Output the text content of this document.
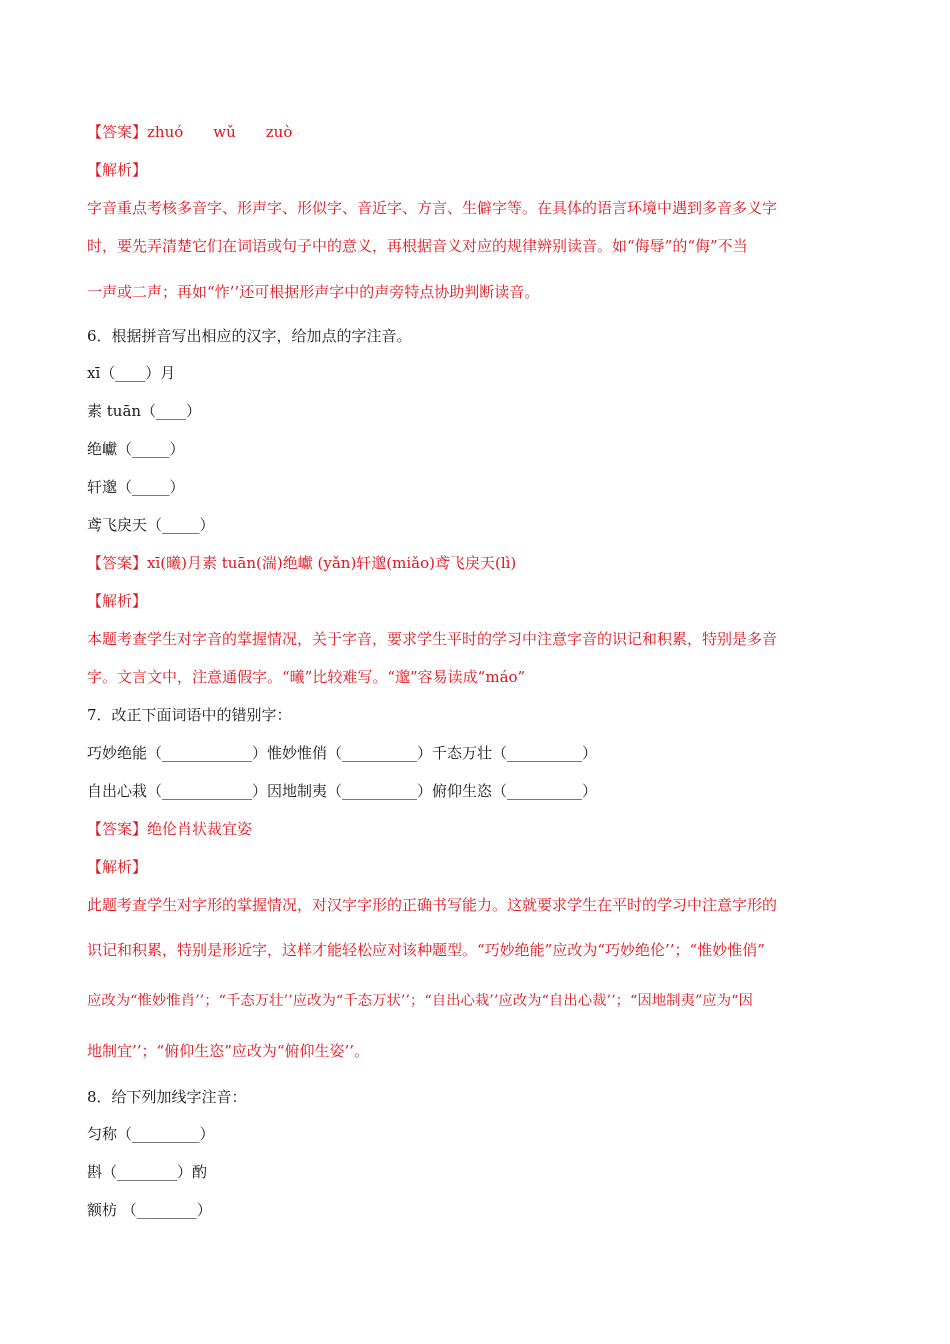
【答案】zhuó wǔ zuò ·
【解析】
字音重点考核多音字、形声字、形似字、音近字、方言、生僻字等。在具体的语言环境中遇到多音多义字
时，要先弄清楚它们在词语或句子中的意义，再根据音义对应的规律辨别读音。如“侮辱”的“侮”不当
一声或二声；再如“怍’’还可根据形声字中的声旁特点协助判断读音。
6．根据拼音写出相应的汉字，给加点的字注音。
xī（____）月
素 tuān（____）
绝巘（_____）
轩邈（_____）
鸢飞戾天（_____）
【答案】xī(曦)月素 tuān(湍)绝巘 (yǎn)轩邈(miǎo)鸢飞戾天(lì)
【解析】
本题考查学生对字音的掌握情况，关于字音，要求学生平时的学习中注意字音的识记和积累，特别是多音
字。文言文中，注意通假字。“曦”比较难写。“邈”容易读成“máo”
7．改正下面词语中的错别字：
巧妙绝能（____________）惟妙惟俏（__________）千态万壮（__________）
自出心栽（____________）因地制夷（__________）俯仰生恣（__________）
【答案】绝伦肖状裁宜姿
【解析】
此题考查学生对字形的掌握情况，对汉字字形的正确书写能力。这就要求学生在平时的学习中注意字形的
识记和积累，特别是形近字，这样才能轻松应对该种题型。“巧妙绝能”应改为“巧妙绝伦’’；“惟妙惟俏”
应改为“惟妙惟肖’’；“千态万壮’’应改为“千态万状’’；“自出心栽’’应改为“自出心裁’’；“因地制夷”应为“因
地制宜’’；“俯仰生恣”应改为“俯仰生姿’’。
8．给下列加线字注音：
匀称（_________）
斟（________）酌
额枋 （________）
